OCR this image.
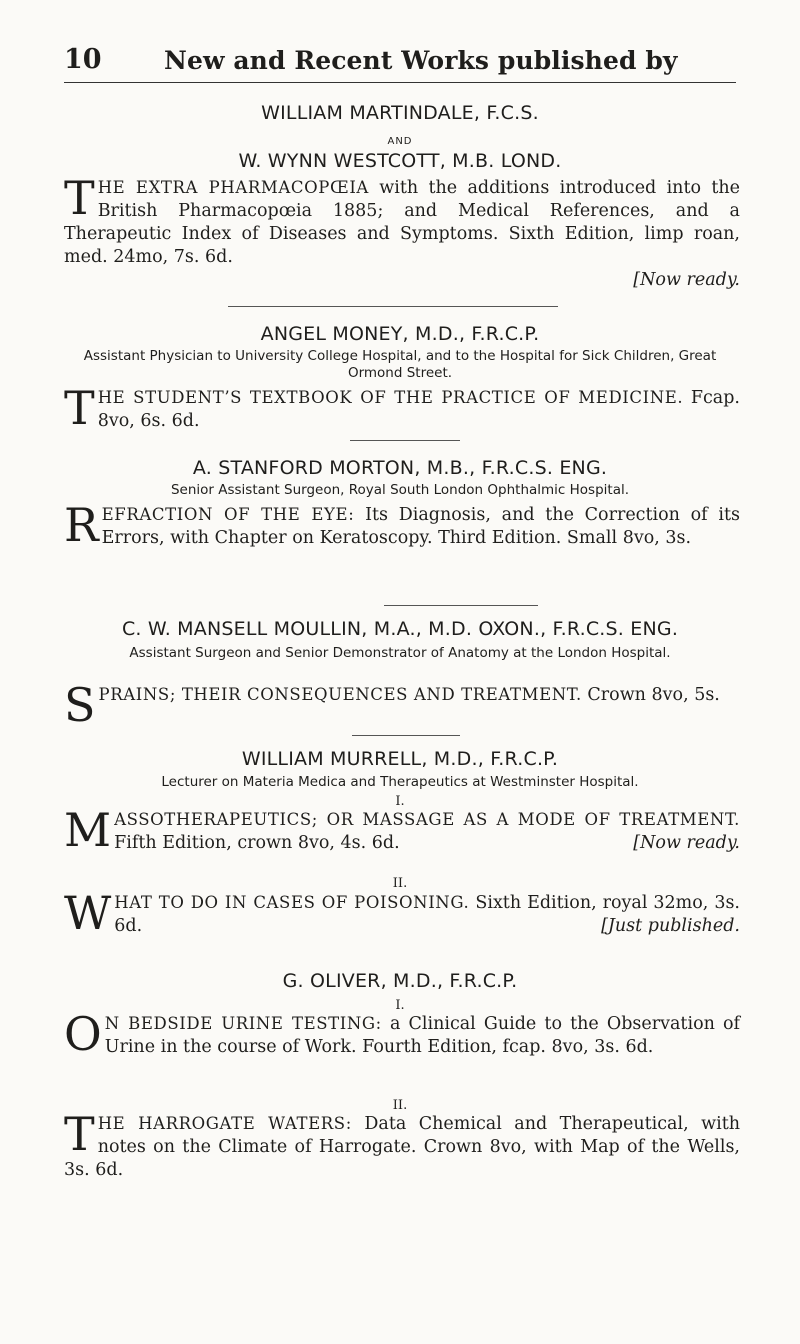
10 New and Recent Works published by
WILLIAM MARTINDALE, F.C.S.
AND
W. WYNN WESTCOTT, M.B. LOND.

THE EXTRA PHARMACOPŒIA with the additions introduced into the British Pharmacopœia 1885; and Medical References, and a Therapeutic Index of Diseases and Symptoms. Sixth Edition, limp roan, med. 24mo, 7s. 6d.

[Now ready.
ANGEL MONEY, M.D., F.R.C.P.
Assistant Physician to University College Hospital, and to the Hospital for Sick Children, Great Ormond Street.

THE STUDENT’S TEXTBOOK OF THE PRACTICE OF MEDICINE. Fcap. 8vo, 6s. 6d.

A. STANFORD MORTON, M.B., F.R.C.S. ENG.
Senior Assistant Surgeon, Royal South London Ophthalmic Hospital.

REFRACTION OF THE EYE: Its Diagnosis, and the Correction of its Errors, with Chapter on Keratoscopy. Third Edition. Small 8vo, 3s.

C. W. MANSELL MOULLIN, M.A., M.D. OXON., F.R.C.S. ENG.
Assistant Surgeon and Senior Demonstrator of Anatomy at the London Hospital.

SPRAINS; THEIR CONSEQUENCES AND TREATMENT. Crown 8vo, 5s.

WILLIAM MURRELL, M.D., F.R.C.P.
Lecturer on Materia Medica and Therapeutics at Westminster Hospital.
I.

MASSOTHERAPEUTICS; OR MASSAGE AS A MODE OF TREATMENT. Fifth Edition, crown 8vo, 4s. 6d.	[Now ready.

II.

WHAT TO DO IN CASES OF POISONING. Sixth Edition, royal 32mo, 3s. 6d.	[Just published.

G. OLIVER, M.D., F.R.C.P.
I.

O N BEDSIDE URINE TESTING: a Clinical Guide to the Observation of Urine in the course of Work. Fourth Edition, fcap. 8vo, 3s. 6d.

II.

THE HARROGATE WATERS: Data Chemical and Therapeutical, with notes on the Climate of Harrogate. Crown 8vo, with Map of the Wells, 3s. 6d.
